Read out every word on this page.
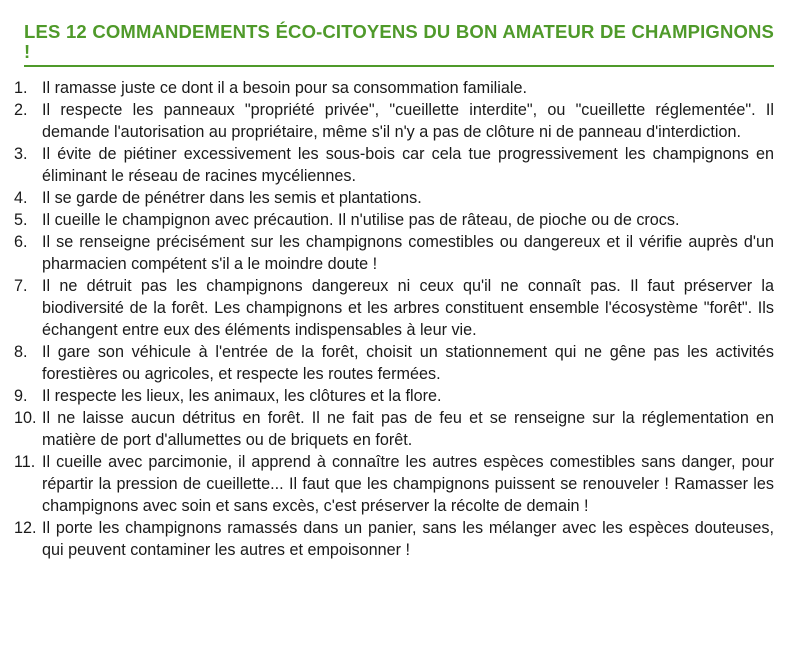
LES 12 COMMANDEMENTS ÉCO-CITOYENS DU BON AMATEUR DE CHAMPIGNONS !
1. Il ramasse juste ce dont il a besoin pour sa consommation familiale.
2. Il respecte les panneaux "propriété privée", "cueillette interdite", ou "cueillette réglementée". Il demande l'autorisation au propriétaire, même s'il n'y a pas de clôture ni de panneau d'interdiction.
3. Il évite de piétiner excessivement les sous-bois car cela tue progressivement les champignons en éliminant le réseau de racines mycéliennes.
4. Il se garde de pénétrer dans les semis et plantations.
5. Il cueille le champignon avec précaution. Il n'utilise pas de râteau, de pioche ou de crocs.
6. Il se renseigne précisément sur les champignons comestibles ou dangereux et il vérifie auprès d'un pharmacien compétent s'il a le moindre doute !
7. Il ne détruit pas les champignons dangereux ni ceux qu'il ne connaît pas. Il faut préserver la biodiversité de la forêt. Les champignons et les arbres constituent ensemble l'écosystème "forêt". Ils échangent entre eux des éléments indispensables à leur vie.
8. Il gare son véhicule à l'entrée de la forêt, choisit un stationnement qui ne gêne pas les activités forestières ou agricoles, et respecte les routes fermées.
9. Il respecte les lieux, les animaux, les clôtures et la flore.
10. Il ne laisse aucun détritus en forêt. Il ne fait pas de feu et se renseigne sur la réglementation en matière de port d'allumettes ou de briquets en forêt.
11. Il cueille avec parcimonie, il apprend à connaître les autres espèces comestibles sans danger, pour répartir la pression de cueillette... Il faut que les champignons puissent se renouveler ! Ramasser les champignons avec soin et sans excès, c'est préserver la récolte de demain !
12. Il porte les champignons ramassés dans un panier, sans les mélanger avec les espèces douteuses, qui peuvent contaminer les autres et empoisonner !
